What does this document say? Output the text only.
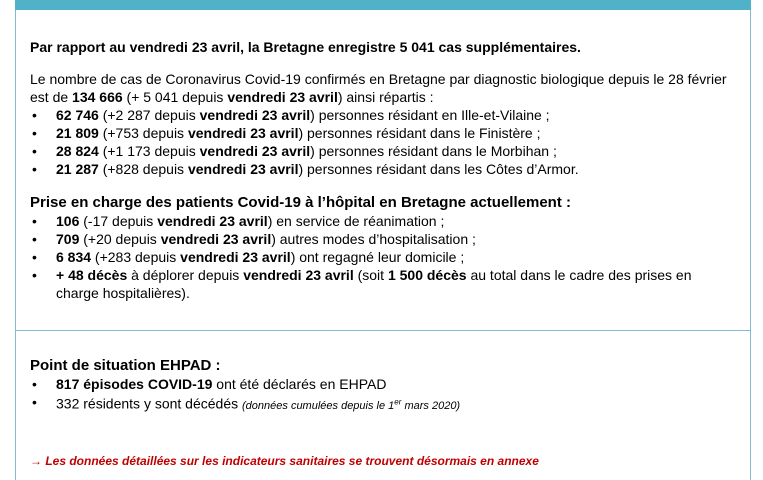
Par rapport au vendredi 23 avril, la Bretagne enregistre 5 041 cas supplémentaires.
Le nombre de cas de Coronavirus Covid-19 confirmés en Bretagne par diagnostic biologique depuis le 28 février est de 134 666 (+ 5 041 depuis vendredi 23 avril) ainsi répartis :
• 62 746 (+2 287 depuis vendredi 23 avril) personnes résidant en Ille-et-Vilaine ;
• 21 809 (+753 depuis vendredi 23 avril) personnes résidant dans le Finistère ;
• 28 824 (+1 173 depuis vendredi 23 avril) personnes résidant dans le Morbihan ;
• 21 287 (+828 depuis vendredi 23 avril) personnes résidant dans les Côtes d’Armor.
Prise en charge des patients Covid-19 à l’hôpital en Bretagne actuellement :
• 106 (-17 depuis vendredi 23 avril) en service de réanimation ;
• 709 (+20 depuis vendredi 23 avril) autres modes d’hospitalisation ;
• 6 834 (+283 depuis vendredi 23 avril) ont regagné leur domicile ;
• + 48 décès à déplorer depuis vendredi 23 avril (soit 1 500 décès au total dans le cadre des prises en charge hospitalières).
Point de situation EHPAD :
• 817 épisodes COVID-19 ont été déclarés en EHPAD
• 332 résidents y sont décédés (données cumulées depuis le 1er mars 2020)
→ Les données détaillées sur les indicateurs sanitaires se trouvent désormais en annexe
